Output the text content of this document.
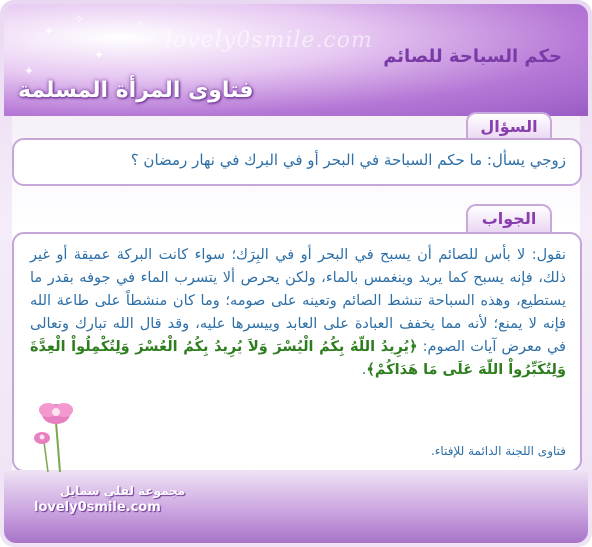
✦
✦
✧
✦
✧
lovely0smile.com
حكم السباحة للصائم
فتاوى المرأة المسلمة
السؤال
زوجي يسأل: ما حكم السباحة في البحر أو في البرك في نهار رمضان ؟
الجواب
نقول: لا بأس للصائم أن يسبح في البحر أو في البِرَك؛ سواء كانت البركة عميقة أو غير ذلك، فإنه يسبح كما يريد وينغمس بالماء، ولكن يحرص ألا يتسرب الماء في جوفه بقدر ما يستطيع، وهذه السباحة تنشط الصائم وتعينه على صومه؛ وما كان منشطاً على طاعة الله فإنه لا يمنع؛ لأنه مما يخفف العبادة على العابد وييسرها عليه، وقد قال الله تبارك وتعالى في معرض آيات الصوم: ﴿يُرِيدُ اللّهُ بِكُمُ الْيُسْرَ وَلاَ يُرِيدُ بِكُمُ الْعُسْرَ وَلِتُكْمِلُواْ الْعِدَّةَ وَلِتُكَبِّرُواْ اللّهَ عَلَى مَا هَدَاكُمْ﴾.
فتاوى اللجنة الدائمة للإفتاء.
مجموعة لفلي سمايل
lovely0smile.com
